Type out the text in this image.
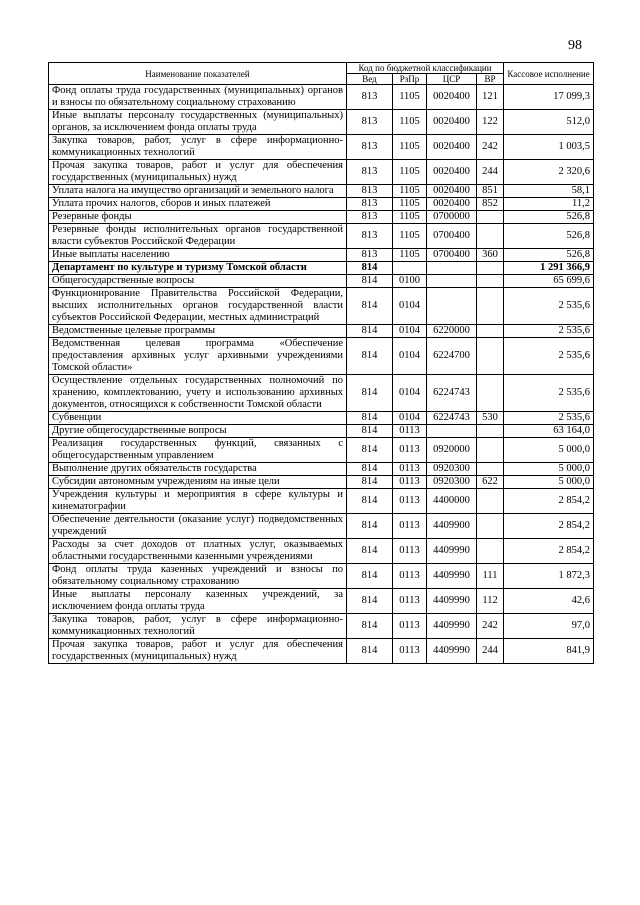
98
Наименование показателей	Код по бюджетной классификации				Кассовое исполнение
	Вед	РзПр	ЦСР	ВР	
Фонд оплаты труда государственных (муниципальных) органов и взносы по обязательному социальному страхованию	813	1105	0020400	121	17 099,3
Иные выплаты персоналу государственных (муниципальных) органов, за исключением фонда оплаты труда	813	1105	0020400	122	512,0
Закупка товаров, работ, услуг в сфере информационно-коммуникационных технологий	813	1105	0020400	242	1 003,5
Прочая закупка товаров, работ и услуг для обеспечения государственных (муниципальных) нужд	813	1105	0020400	244	2 320,6
Уплата налога на имущество организаций и земельного налога	813	1105	0020400	851	58,1
Уплата прочих налогов, сборов и иных платежей	813	1105	0020400	852	11,2
Резервные фонды	813	1105	0700000		526,8
Резервные фонды исполнительных органов государственной власти субъектов Российской Федерации	813	1105	0700400		526,8
Иные выплаты населению	813	1105	0700400	360	526,8
Департамент по культуре и туризму Томской области	814				1 291 366,9
Общегосударственные вопросы	814	0100			65 699,6
Функционирование Правительства Российской Федерации, высших исполнительных органов государственной власти субъектов Российской Федерации, местных администраций	814	0104			2 535,6
Ведомственные целевые программы	814	0104	6220000		2 535,6
Ведомственная целевая программа «Обеспечение предоставления архивных услуг архивными учреждениями Томской области»	814	0104	6224700		2 535,6
Осуществление отдельных государственных полномочий по хранению, комплектованию, учету и использованию архивных документов, относящихся к собственности Томской области	814	0104	6224743		2 535,6
Субвенции	814	0104	6224743	530	2 535,6
Другие общегосударственные вопросы	814	0113			63 164,0
Реализация государственных функций, связанных с общегосударственным управлением	814	0113	0920000		5 000,0
Выполнение других обязательств государства	814	0113	0920300		5 000,0
Субсидии автономным учреждениям на иные цели	814	0113	0920300	622	5 000,0
Учреждения культуры и мероприятия в сфере культуры и кинематографии	814	0113	4400000		2 854,2
Обеспечение деятельности (оказание услуг) подведомственных учреждений	814	0113	4409900		2 854,2
Расходы за счет доходов от платных услуг, оказываемых областными государственными казенными учреждениями	814	0113	4409990		2 854,2
Фонд оплаты труда казенных учреждений и взносы по обязательному социальному страхованию	814	0113	4409990	111	1 872,3
Иные выплаты персоналу казенных учреждений, за исключением фонда оплаты труда	814	0113	4409990	112	42,6
Закупка товаров, работ, услуг в сфере информационно-коммуникационных технологий	814	0113	4409990	242	97,0
Прочая закупка товаров, работ и услуг для обеспечения государственных (муниципальных) нужд	814	0113	4409990	244	841,9
